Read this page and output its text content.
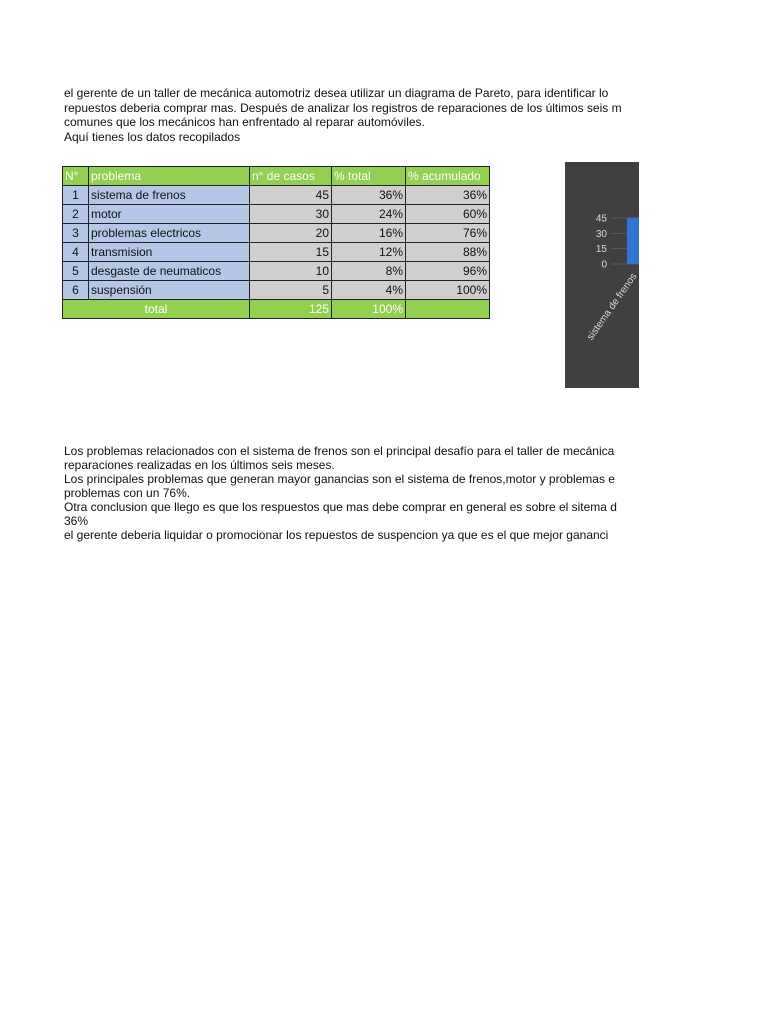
el gerente de un taller de mecánica automotriz desea utilizar un diagrama de Pareto, para identificar lo
repuestos deberia comprar mas. Después de analizar los registros de reparaciones de los últimos seis m
comunes que los mecánicos han enfrentado al reparar automóviles.
Aquí tienes los datos recopilados
N°	problema	n° de casos	% total	% acumulado
1	sistema de frenos	45	36%	36%
2	motor	30	24%	60%
3	problemas electricos	20	16%	76%
4	transmision	15	12%	88%
5	desgaste de neumaticos	10	8%	96%
6	suspensión	5	4%	100%
total		125	100%	
45
30
15
0
sistema de frenos
Los problemas relacionados con el sistema de frenos son el principal desafío para el taller de mecánica
reparaciones realizadas en los últimos seis meses.
Los principales problemas que generan mayor ganancias son el sistema de frenos,motor y problemas e
problemas con un 76%.
Otra conclusion que llego es que los respuestos que mas debe comprar en general es sobre el sitema d
36%
el gerente deberia liquidar o promocionar los repuestos de suspencion ya que es el que mejor gananci
